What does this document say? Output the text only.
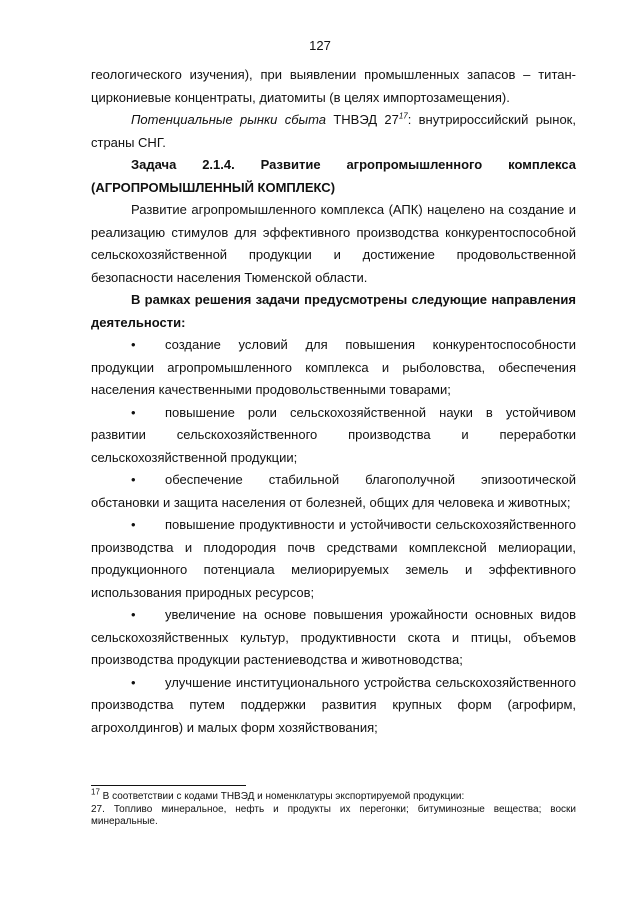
127

геологического изучения), при выявлении промышленных запасов – титан-циркониевые концентраты, диатомиты (в целях импортозамещения).

Потенциальные рынки сбыта ТНВЭД $27^{17}$: внутрироссийский рынок, страны СНГ.

Задача 2.1.4. Развитие агропромышленного комплекса
(АГРОПРОМЫШЛЕННЫЙ КОМПЛЕКС)

Развитие агропромышленного комплекса (АПК) нацелено на создание и реализацию стимулов для эффективного производства конкурентоспособной сельскохозяйственной продукции и достижение продовольственной безопасности населения Тюменской области.

В рамках решения задачи предусмотрены следующие направления деятельности:

• создание условий для повышения конкурентоспособности продукции агропромышленного комплекса и рыболовства, обеспечения населения качественными продовольственными товарами;

• повышение роли сельскохозяйственной науки в устойчивом развитии сельскохозяйственного производства и переработки сельскохозяйственной продукции;

• обеспечение стабильной благополучной эпизоотической обстановки и защита населения от болезней, общих для человека и животных;

• повышение продуктивности и устойчивости сельскохозяйственного производства и плодородия почв средствами комплексной мелиорации, продукционного потенциала мелиорируемых земель и эффективного использования природных ресурсов;

• увеличение на основе повышения урожайности основных видов сельскохозяйственных культур, продуктивности скота и птицы, объемов производства продукции растениеводства и животноводства;

• улучшение институционального устройства сельскохозяйственного производства путем поддержки развития крупных форм (агрофирм, агрохолдингов) и малых форм хозяйствования;

$^{17}$ В соответствии с кодами ТНВЭД и номенклатуры экспортируемой продукции:

27. Топливо минеральное, нефть и продукты их перегонки; битуминозные вещества; воски минеральные.
